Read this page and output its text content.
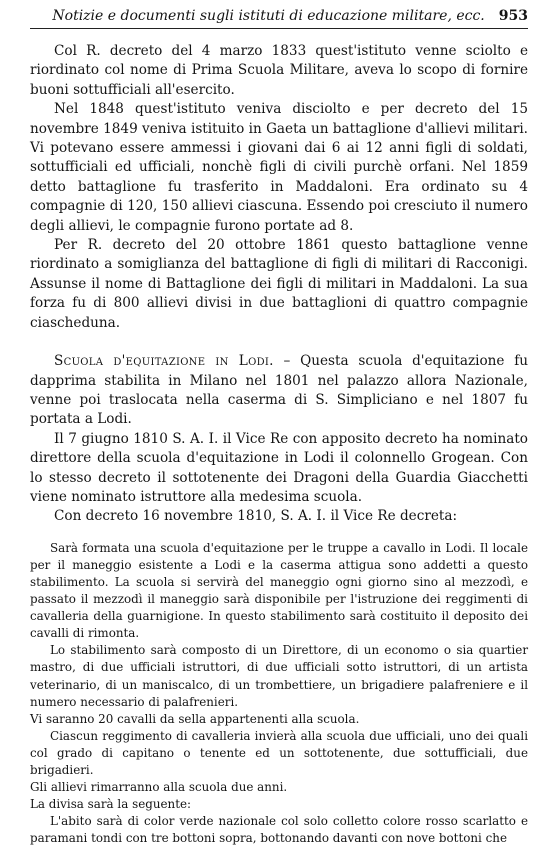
Notizie e documenti sugli istituti di educazione militare, ecc. 953

Col R. decreto del 4 marzo 1833 quest'istituto venne sciolto e riordinato col nome di Prima Scuola Militare, aveva lo scopo di fornire buoni sottufficiali all'esercito.

Nel 1848 quest'istituto veniva disciolto e per decreto del 15 novembre 1849 veniva istituito in Gaeta un battaglione d'allievi militari. Vi potevano essere ammessi i giovani dai 6 ai 12 anni figli di soldati, sottufficiali ed ufficiali, nonchè figli di civili purchè orfani. Nel 1859 detto battaglione fu trasferito in Maddaloni. Era ordinato su 4 compagnie di 120, 150 allievi ciascuna. Essendo poi cresciuto il numero degli allievi, le compagnie furono portate ad 8.

Per R. decreto del 20 ottobre 1861 questo battaglione venne riordinato a somiglianza del battaglione di figli di militari di Racconigi. Assunse il nome di Battaglione dei figli di militari in Maddaloni. La sua forza fu di 800 allievi divisi in due battaglioni di quattro compagnie ciascheduna.

Scuola d'equitazione in Lodi. – Questa scuola d'equitazione fu dapprima stabilita in Milano nel 1801 nel palazzo allora Nazionale, venne poi traslocata nella caserma di S. Simpliciano e nel 1807 fu portata a Lodi.

Il 7 giugno 1810 S. A. I. il Vice Re con apposito decreto ha nominato direttore della scuola d'equitazione in Lodi il colonnello Grogean. Con lo stesso decreto il sottotenente dei Dragoni della Guardia Giacchetti viene nominato istruttore alla medesima scuola.

Con decreto 16 novembre 1810, S. A. I. il Vice Re decreta:

Sarà formata una scuola d'equitazione per le truppe a cavallo in Lodi. Il locale per il maneggio esistente a Lodi e la caserma attigua sono addetti a questo stabilimento. La scuola si servirà del maneggio ogni giorno sino al mezzodì, e passato il mezzodì il maneggio sarà disponibile per l'istruzione dei reggimenti di cavalleria della guarnigione. In questo stabilimento sarà costituito il deposito dei cavalli di rimonta.

Lo stabilimento sarà composto di un Direttore, di un economo o sia quartier mastro, di due ufficiali istruttori, di due ufficiali sotto istruttori, di un artista veterinario, di un maniscalco, di un trombettiere, un brigadiere palafreniere e il numero necessario di palafrenieri.

Vi saranno 20 cavalli da sella appartenenti alla scuola.

Ciascun reggimento di cavalleria invierà alla scuola due ufficiali, uno dei quali col grado di capitano o tenente ed un sottotenente, due sottufficiali, due brigadieri.

Gli allievi rimarranno alla scuola due anni.

La divisa sarà la seguente:

L'abito sarà di color verde nazionale col solo colletto colore rosso scarlatto e paramani tondi con tre bottoni sopra, bottonando davanti con nove bottoni che
